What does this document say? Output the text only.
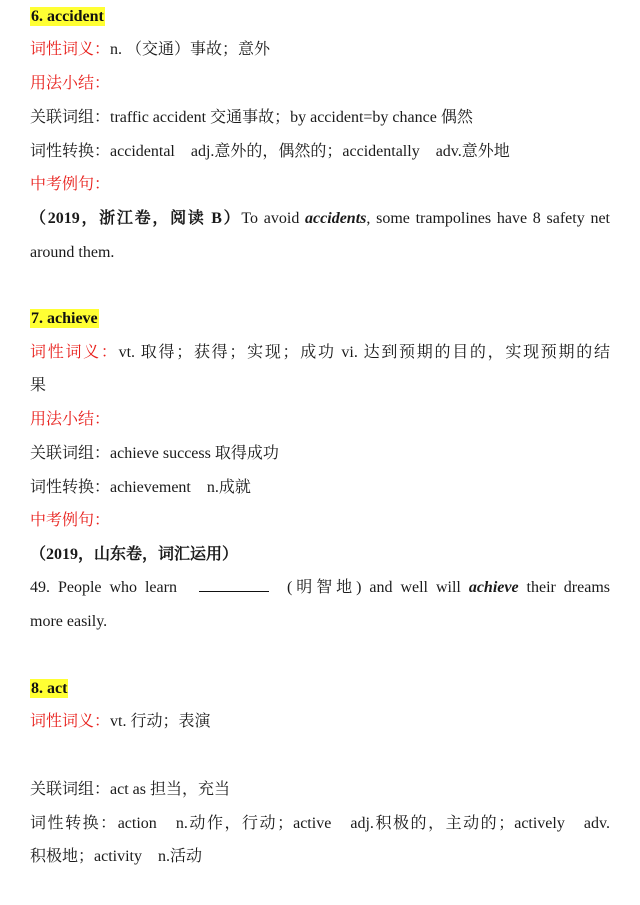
6. accident
词性词义：n. （交通）事故；意外
用法小结：
关联词组：traffic accident 交通事故；by accident=by chance 偶然
词性转换：accidental　adj.意外的，偶然的；accidentally　adv.意外地
中考例句：
（2019，浙江卷，阅读 B）To avoid accidents, some trampolines have 8 safety net
around them.
7. achieve
词性词义：vt. 取得；获得；实现；成功 vi. 达到预期的目的，实现预期的结
果
用法小结：
关联词组：achieve success 取得成功
词性转换：achievement　n.成就
中考例句：
（2019，山东卷，词汇运用）
49. People who learn	(明智地) and well will achieve their dreams
more easily.
8. act
词性词义：vt. 行动；表演
关联词组：act as 担当，充当
词性转换：action　n.动作，行动；active　adj.积极的，主动的；actively　adv.
积极地；activity　n.活动
